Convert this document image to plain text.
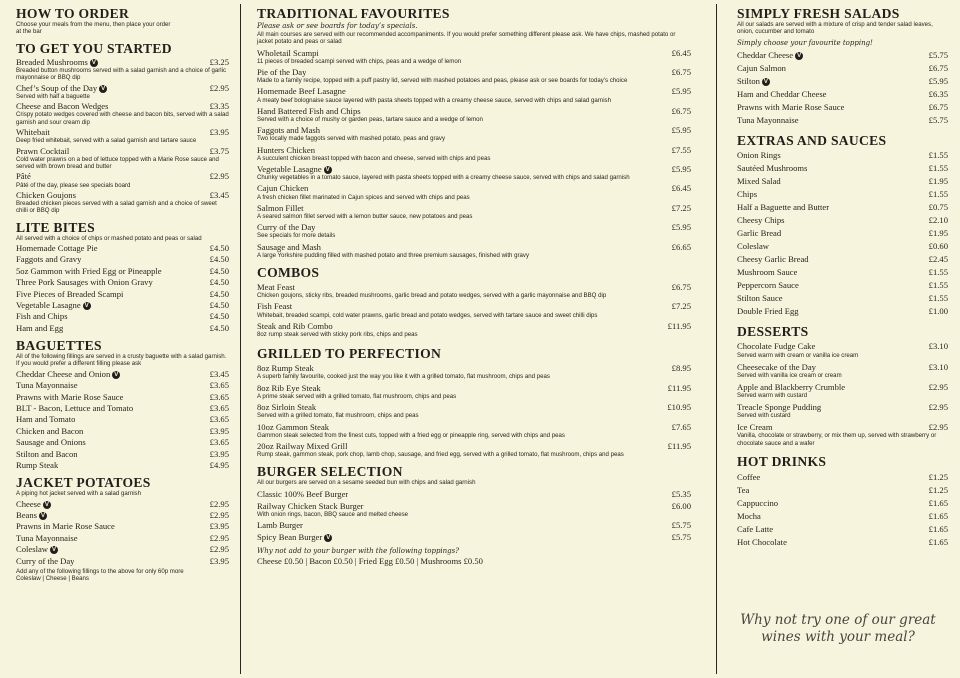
HOW TO ORDER

Choose your meals from the menu, then place your order at the bar

TO GET YOU STARTED
Breaded Mushrooms V	£3.25
Breaded button mushrooms served with a salad garnish and a choice of garlic mayonnaise or BBQ dip
Chef’s Soup of the Day V	£2.95
Served with half a baguette
Cheese and Bacon Wedges	£3.35
Crispy potato wedges covered with cheese and bacon bits, served with a salad garnish and sour cream dip
Whitebait	£3.95
Deep fried whitebait, served with a salad garnish and tartare sauce
Prawn Cocktail	£3.75
Cold water prawns on a bed of lettuce topped with a Marie Rose sauce and served with brown bread and butter
Pâté	£2.95
Pâté of the day, please see specials board
Chicken Goujons	£3.45
Breaded chicken pieces served with a salad garnish and a choice of sweet chilli or BBQ dip
LITE BITES

All served with a choice of chips or mashed potato and peas or salad

Homemade Cottage Pie	£4.50
Faggots and Gravy	£4.50
5oz Gammon with Fried Egg or Pineapple	£4.50
Three Pork Sausages with Onion Gravy	£4.50
Five Pieces of Breaded Scampi	£4.50
Vegetable Lasagne V	£4.50
Fish and Chips	£4.50
Ham and Egg	£4.50
BAGUETTES

All of the following fillings are served in a crusty baguette with a salad garnish. If you would prefer a different filling please ask

Cheddar Cheese and Onion V	£3.45
Tuna Mayonnaise	£3.65
Prawns with Marie Rose Sauce	£3.65
BLT - Bacon, Lettuce and Tomato	£3.65
Ham and Tomato	£3.65
Chicken and Bacon	£3.95
Sausage and Onions	£3.65
Stilton and Bacon	£3.95
Rump Steak	£4.95
JACKET POTATOES

A piping hot jacket served with a salad garnish

Cheese V	£2.95
Beans V	£2.95
Prawns in Marie Rose Sauce	£3.95
Tuna Mayonnaise	£2.95
Coleslaw V	£2.95
Curry of the Day	£3.95

Add any of the following fillings to the above for only 60p more

Coleslaw | Cheese | Beans

TRADITIONAL FAVOURITES
Please ask or see boards for today’s specials.

All main courses are served with our recommended accompaniments. If you would prefer something different please ask. We have chips, mashed potato or jacket potato and peas or salad

Wholetail Scampi	£6.45
11 pieces of breaded scampi served with chips, peas and a wedge of lemon
Pie of the Day	£6.75
Made to a family recipe, topped with a puff pastry lid, served with mashed potatoes and peas, please ask or see boards for today’s choice
Homemade Beef Lasagne	£5.95
A meaty beef bolognaise sauce layered with pasta sheets topped with a creamy cheese sauce, served with chips and salad garnish
Hand Battered Fish and Chips	£6.75
Served with a choice of mushy or garden peas, tartare sauce and a wedge of lemon
Faggots and Mash	£5.95
Two locally made faggots served with mashed potato, peas and gravy
Hunters Chicken	£7.55
A succulent chicken breast topped with bacon and cheese, served with chips and peas
Vegetable Lasagne V	£5.95
Chunky vegetables in a tomato sauce, layered with pasta sheets topped with a creamy cheese sauce, served with chips and salad garnish
Cajun Chicken	£6.45
A fresh chicken fillet marinated in Cajun spices and served with chips and peas
Salmon Fillet	£7.25
A seared salmon fillet served with a lemon butter sauce, new potatoes and peas
Curry of the Day	£5.95
See specials for more details
Sausage and Mash	£6.65
A large Yorkshire pudding filled with mashed potato and three premium sausages, finished with gravy
COMBOS
Meat Feast	£6.75
Chicken goujons, sticky ribs, breaded mushrooms, garlic bread and potato wedges, served with a garlic mayonnaise and BBQ dip
Fish Feast	£7.25
Whitebait, breaded scampi, cold water prawns, garlic bread and potato wedges, served with tartare sauce and sweet chilli dips
Steak and Rib Combo	£11.95
8oz rump steak served with sticky pork ribs, chips and peas
GRILLED TO PERFECTION
8oz Rump Steak	£8.95
A superb family favourite, cooked just the way you like it with a grilled tomato, flat mushroom, chips and peas
8oz Rib Eye Steak	£11.95
A prime steak served with a grilled tomato, flat mushroom, chips and peas
8oz Sirloin Steak	£10.95
Served with a grilled tomato, flat mushroom, chips and peas
10oz Gammon Steak	£7.65
Gammon steak selected from the finest cuts, topped with a fried egg or pineapple ring, served with chips and peas
20oz Railway Mixed Grill	£11.95
Rump steak, gammon steak, pork chop, lamb chop, sausage, and fried egg, served with a grilled tomato, flat mushroom, chips and peas
BURGER SELECTION

All our burgers are served on a sesame seeded bun with chips and salad garnish

Classic 100% Beef Burger	£5.35
Railway Chicken Stack Burger	£6.00
With onion rings, bacon, BBQ sauce and melted cheese
Lamb Burger	£5.75
Spicy Bean Burger V	£5.75
Why not add to your burger with the following toppings?
Cheese £0.50 | Bacon £0.50 | Fried Egg £0.50 | Mushrooms £0.50
SIMPLY FRESH SALADS

All our salads are served with a mixture of crisp and tender salad leaves, onion, cucumber and tomato

Simply choose your favourite topping!
Cheddar Cheese V	£5.75
Cajun Salmon	£6.75
Stilton V	£5.95
Ham and Cheddar Cheese	£6.35
Prawns with Marie Rose Sauce	£6.75
Tuna Mayonnaise	£5.75
EXTRAS AND SAUCES
Onion Rings	£1.55
Sautéed Mushrooms	£1.55
Mixed Salad	£1.95
Chips	£1.55
Half a Baguette and Butter	£0.75
Cheesy Chips	£2.10
Garlic Bread	£1.95
Coleslaw	£0.60
Cheesy Garlic Bread	£2.45
Mushroom Sauce	£1.55
Peppercorn Sauce	£1.55
Stilton Sauce	£1.55
Double Fried Egg	£1.00
DESSERTS
Chocolate Fudge Cake	£3.10
Served warm with cream or vanilla ice cream
Cheesecake of the Day	£3.10
Served with vanilla ice cream or cream
Apple and Blackberry Crumble	£2.95
Served warm with custard
Treacle Sponge Pudding	£2.95
Served with custard
Ice Cream	£2.95
Vanilla, chocolate or strawberry, or mix them up, served with strawberry or chocolate sauce and a wafer
HOT DRINKS
Coffee	£1.25
Tea	£1.25
Cappuccino	£1.65
Mocha	£1.65
Cafe Latte	£1.65
Hot Chocolate	£1.65
Why not try one of our great
wines with your meal?
